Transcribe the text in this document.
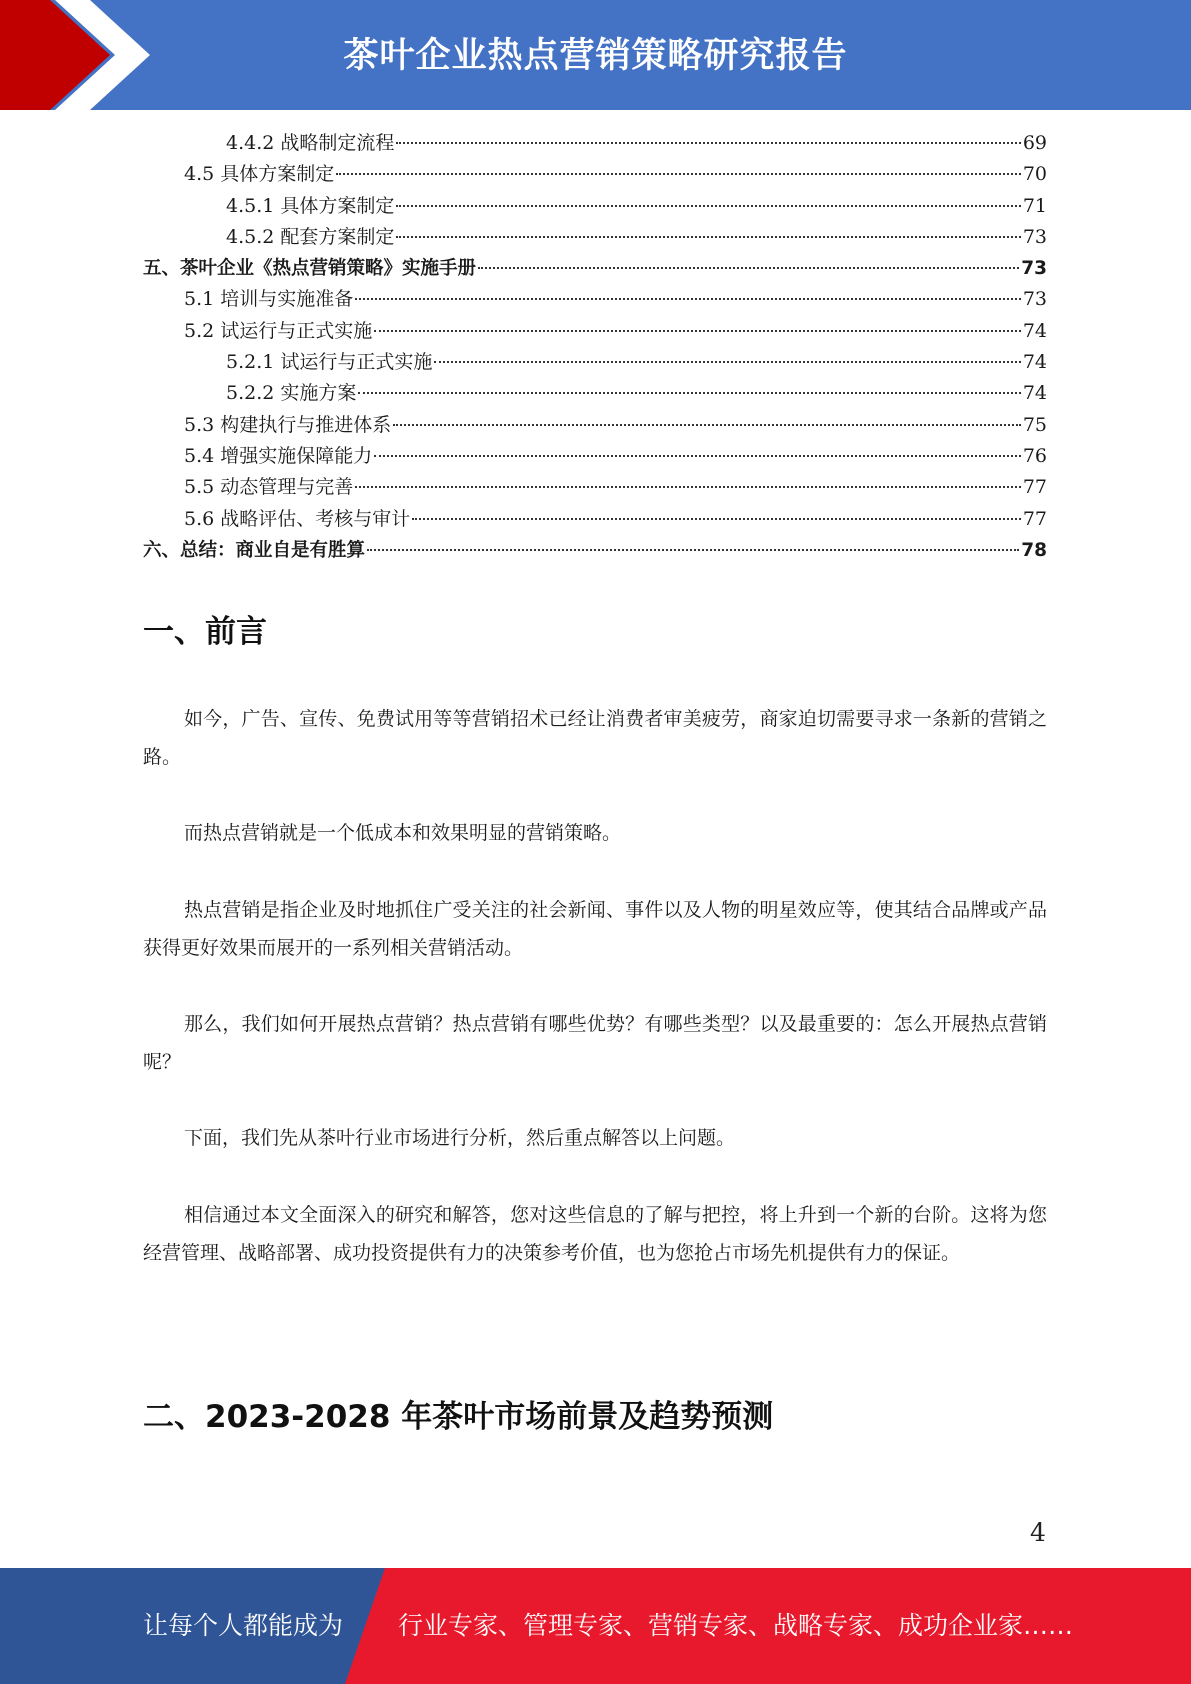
茶叶企业热点营销策略研究报告
4.4.2 战略制定流程	69
4.5 具体方案制定	70
4.5.1 具体方案制定	71
4.5.2 配套方案制定	73
五、茶叶企业《热点营销策略》实施手册	73
5.1 培训与实施准备	73
5.2 试运行与正式实施	74
5.2.1 试运行与正式实施	74
5.2.2 实施方案	74
5.3 构建执行与推进体系	75
5.4 增强实施保障能力	76
5.5 动态管理与完善	77
5.6 战略评估、考核与审计	77
六、总结：商业自是有胜算	78
一、前言
如今，广告、宣传、免费试用等等营销招术已经让消费者审美疲劳，商家迫切需要寻求一条新的营销之路。
而热点营销就是一个低成本和效果明显的营销策略。
热点营销是指企业及时地抓住广受关注的社会新闻、事件以及人物的明星效应等，使其结合品牌或产品获得更好效果而展开的一系列相关营销活动。
那么，我们如何开展热点营销？热点营销有哪些优势？有哪些类型？以及最重要的：怎么开展热点营销呢？
下面，我们先从茶叶行业市场进行分析，然后重点解答以上问题。
相信通过本文全面深入的研究和解答，您对这些信息的了解与把控，将上升到一个新的台阶。这将为您经营管理、战略部署、成功投资提供有力的决策参考价值，也为您抢占市场先机提供有力的保证。
二、2023-2028 年茶叶市场前景及趋势预测
4
让每个人都能成为 行业专家、管理专家、营销专家、战略专家、成功企业家……
